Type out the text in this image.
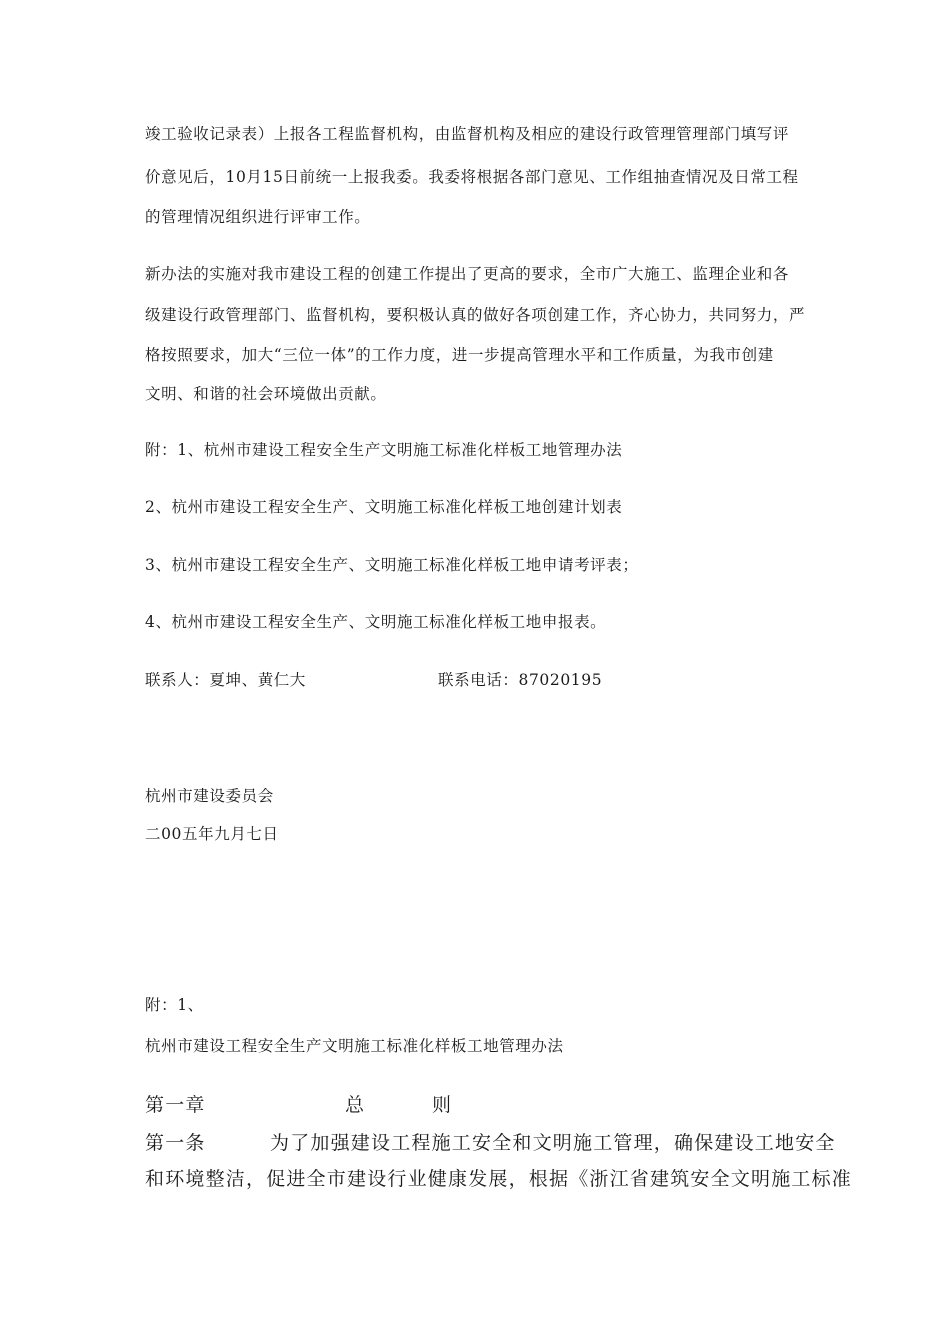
竣工验收记录表）上报各工程监督机构，由监督机构及相应的建设行政管理管理部门填写评
价意见后，10月15日前统一上报我委。我委将根据各部门意见、工作组抽查情况及日常工程
的管理情况组织进行评审工作。
新办法的实施对我市建设工程的创建工作提出了更高的要求，全市广大施工、监理企业和各
级建设行政管理部门、监督机构，要积极认真的做好各项创建工作，齐心协力，共同努力，严
格按照要求，加大“三位一体”的工作力度，进一步提高管理水平和工作质量，为我市创建
文明、和谐的社会环境做出贡献。
附：1、杭州市建设工程安全生产文明施工标准化样板工地管理办法
2、杭州市建设工程安全生产、文明施工标准化样板工地创建计划表
3、杭州市建设工程安全生产、文明施工标准化样板工地申请考评表；
4、杭州市建设工程安全生产、文明施工标准化样板工地申报表。
联系人：夏坤、黄仁大	联系电话：87020195
杭州市建设委员会
二00五年九月七日
附：1、
杭州市建设工程安全生产文明施工标准化样板工地管理办法
第一章	总	则
第一条	为了加强建设工程施工安全和文明施工管理，确保建设工地安全
和环境整洁，促进全市建设行业健康发展，根据《浙江省建筑安全文明施工标准
